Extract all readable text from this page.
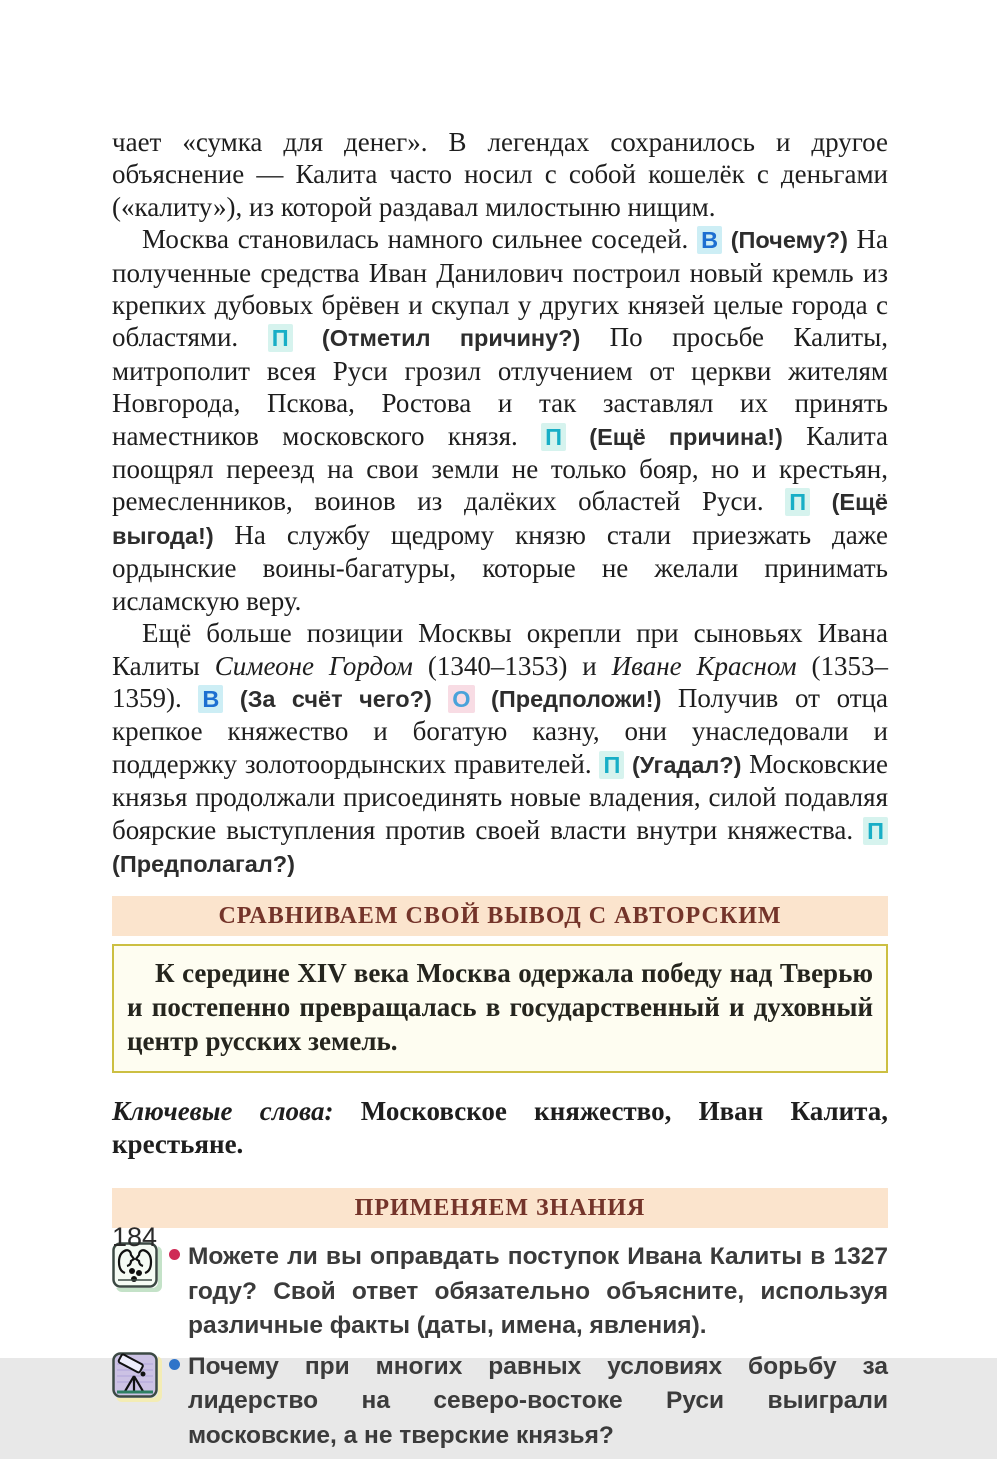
чает «сумка для денег». В легендах сохранилось и другое объяснение — Калита часто носил с собой кошелёк с деньгами («калиту»), из которой раздавал милостыню нищим.

Москва становилась намного сильнее соседей. В (Почему?) На полученные средства Иван Данилович построил новый кремль из крепких дубовых брёвен и скупал у других князей целые города с областями. П (Отметил причину?) По просьбе Калиты, митрополит всея Руси грозил отлучением от церкви жителям Новгорода, Пскова, Ростова и так заставлял их принять наместников московского князя. П (Ещё причина!) Калита поощрял переезд на свои земли не только бояр, но и крестьян, ремесленников, воинов из далёких областей Руси. П (Ещё выгода!) На службу щедрому князю стали приезжать даже ордынские воины-багатуры, которые не желали принимать исламскую веру.

Ещё больше позиции Москвы окрепли при сыновьях Ивана Калиты Симеоне Гордом (1340–1353) и Иване Красном (1353–1359). В (За счёт чего?) О (Предположи!) Получив от отца крепкое княжество и богатую казну, они унаследовали и поддержку золотоордынских правителей. П (Угадал?) Московские князья продолжали присоединять новые владения, силой подавляя боярские выступления против своей власти внутри княжества. П (Предполагал?)

СРАВНИВАЕМ СВОЙ ВЫВОД С АВТОРСКИМ
К середине XIV века Москва одержала победу над Тверью и постепенно превращалась в государственный и духовный центр русских земель.

Ключевые слова: Московское княжество, Иван Калита, крестьяне.

ПРИМЕНЯЕМ ЗНАНИЯ
Можете ли вы оправдать поступок Ивана Калиты в 1327 году? Свой ответ обязательно объясните, используя различные факты (даты, имена, явления).
Почему при многих равных условиях борьбу за лидерство на северо-востоке Руси выиграли московские, а не тверские князья?
184
